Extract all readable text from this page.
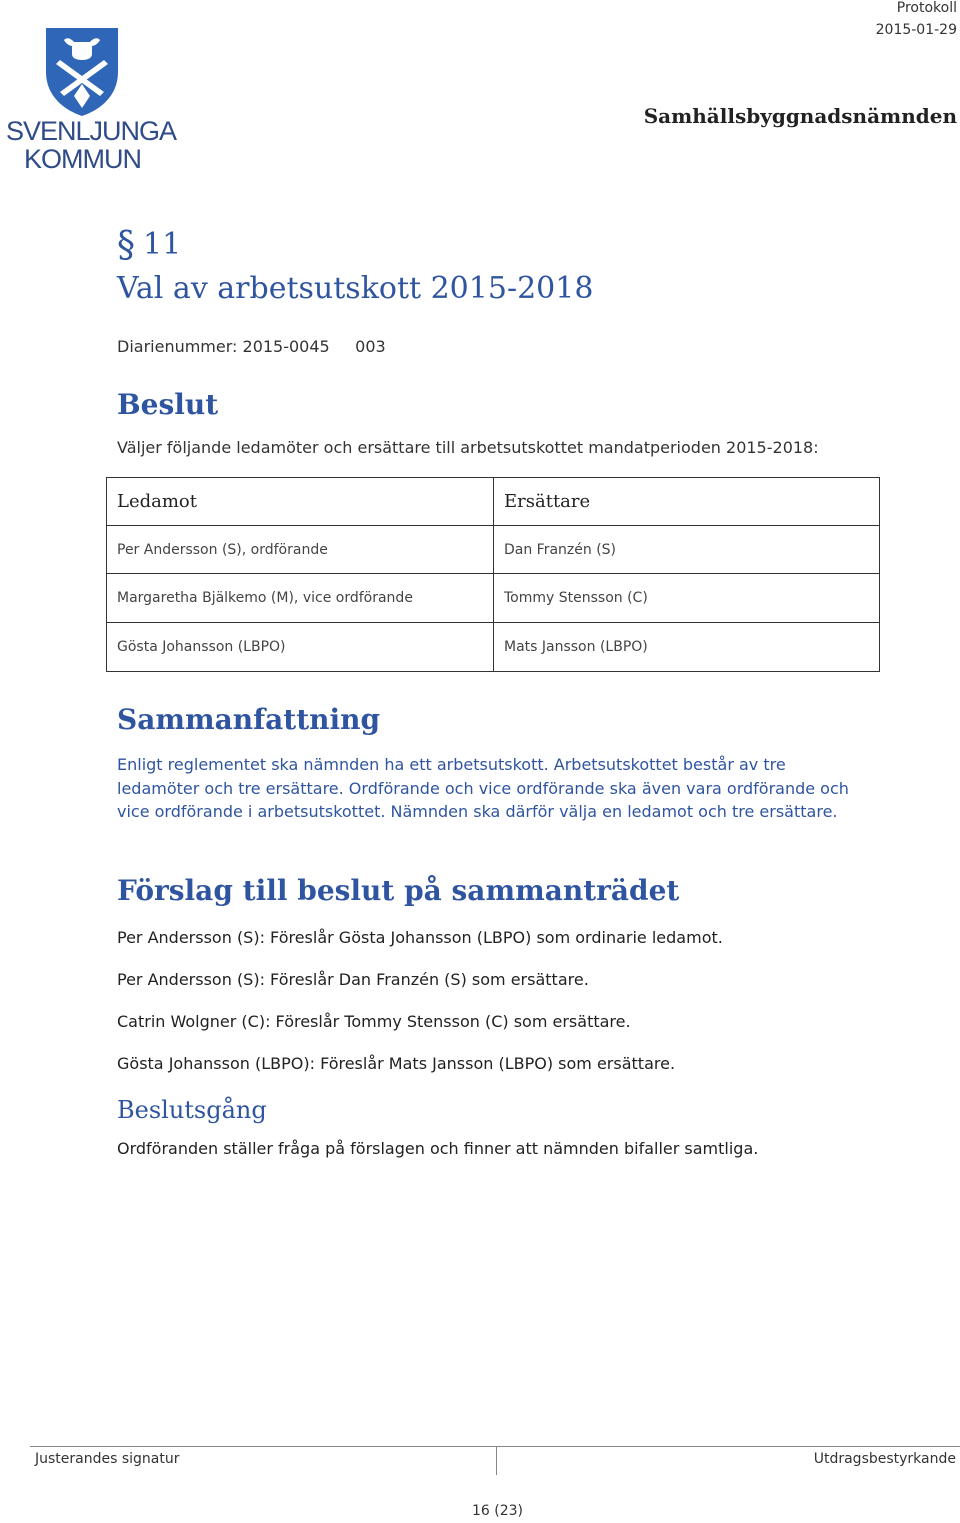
SVENLJUNGA
KOMMUN
Protokoll
2015-01-29
Samhällsbyggnadsnämnden
§ 11
Val av arbetsutskott 2015-2018
Diarienummer: 2015-0045     003
Beslut
Väljer följande ledamöter och ersättare till arbetsutskottet mandatperioden 2015-2018:
Ledamot	Ersättare
Per Andersson (S), ordförande	Dan Franzén (S)
Margaretha Bjälkemo (M), vice ordförande	Tommy Stensson (C)
Gösta Johansson (LBPO)	Mats Jansson (LBPO)
Sammanfattning
Enligt reglementet ska nämnden ha ett arbetsutskott. Arbetsutskottet består av tre ledamöter och tre ersättare. Ordförande och vice ordförande ska även vara ordförande och vice ordförande i arbetsutskottet. Nämnden ska därför välja en ledamot och tre ersättare.
Förslag till beslut på sammanträdet
Per Andersson (S): Föreslår Gösta Johansson (LBPO) som ordinarie ledamot.
Per Andersson (S): Föreslår Dan Franzén (S) som ersättare.
Catrin Wolgner (C): Föreslår Tommy Stensson (C) som ersättare.
Gösta Johansson (LBPO): Föreslår Mats Jansson (LBPO) som ersättare.
Beslutsgång
Ordföranden ställer fråga på förslagen och finner att nämnden bifaller samtliga.
Justerandes signatur	Utdragsbestyrkande
16 (23)
